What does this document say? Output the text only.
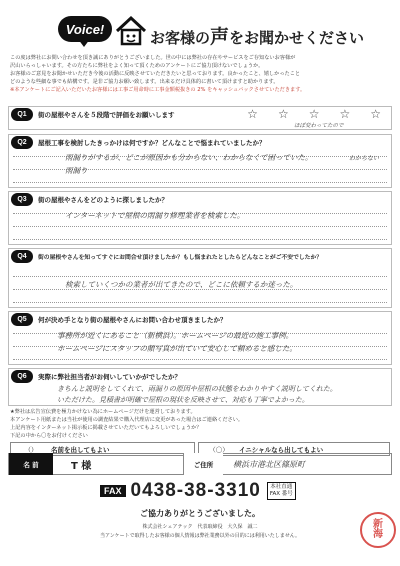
Voice!	お客様の声をお聞かせください
この度は弊社にお問い合わせを頂き誠にありがとうございました。世の中には弊社の存在やサービスをご存知ないお客様が
沢山いらっしゃいます。その方たちに弊社をよく知って頂くためのアンケートにご協力頂けないでしょうか。
お客様のご意見をお聞かせいただき今後の活動に反映させていただきたいと思っております。良かったこと、嬉しかったこと
どのような些細な事でも結構です。是非ご協力お願い致します。出来るだけ具体的に書いて頂けますと助かります。
※本アンケートにご記入いただいたお客様には工事ご用命時に工事金額税抜きの 2% をキャッシュバックさせていただきます。
Q1	街の屋根やさんを５段階で評価をお願いします	☆ ☆ ☆ ☆ ☆
ほぼ変わってたので
Q2	屋根工事を検討したきっかけは何ですか？どんなことで悩まれていましたか？
雨漏りがするが、どこが原因かも分からない、わからなくて困っていた。
雨漏り
わからない
Q3	街の屋根やさんをどのように探しましたか？
インターネットで屋根の雨漏り修理業者を検索した。
Q4	街の屋根やさんを知ってすぐにお問合せ頂けましたか？もし悩まれたとしたらどんなことがご不安でしたか？
検索していくつかの業者が出てきたので、どこに依頼するか迷った。
Q5	何が決め手となり街の屋根やさんにお問い合わせ頂きましたか？
事務所が近くにあること（新横浜）。ホームページの最近の施工事例。
ホームページにスタッフの顔写真が出ていて安心して頼めると感じた。
Q6	実際に弊社担当者がお伺いしていかがでしたか？
きちんと説明をしてくれて、雨漏りの原因や屋根の状態をわかりやすく説明してくれた。
いただけた。見積書が明確で屋根の現状を反映させて、対応も丁寧でよかった。
★弊社は広告宣伝費を極力かけない為にホームページだけを運営しております。
本アンケート用紙または当社が使用の調査結果で購入代理店に変更があった場合はご連絡ください。
上記内容をインターネット掲示板に掲載させていただいてもよろしいでしょうか？
下記の中から〇をお付けください
（）	名前を出してもよい	（〇）	イニシャルなら出してもよい
名 前	T 様	ご住所	横浜市港北区篠原町
FAX 0438-38-3310	本社直通
FAX 番号
ご協力ありがとうございました。
株式会社シェアテック　代表取締役　大久保　誠二
当アンケートで取得したお客様の個人情報は弊社業務以外の目的には利用いたしません。
新
海
